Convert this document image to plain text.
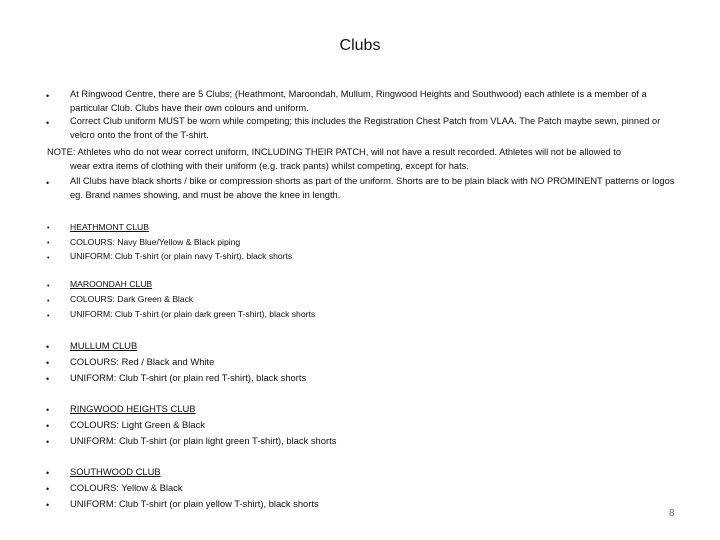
Clubs
• At Ringwood Centre, there are 5 Clubs; (Heathmont, Maroondah, Mullum, Ringwood Heights and Southwood) each athlete is a member of a particular Club. Clubs have their own colours and uniform.
• Correct Club uniform MUST be worn while competing; this includes the Registration Chest Patch from VLAA. The Patch maybe sewn, pinned or velcro onto the front of the T-shirt.
NOTE: Athletes who do not wear correct uniform, INCLUDING THEIR PATCH, will not have a result recorded. Athletes will not be allowed to
wear extra items of clothing with their uniform (e.g. track pants) whilst competing, except for hats.
• All Clubs have black shorts / bike or compression shorts as part of the uniform. Shorts are to be plain black with NO PROMINENT patterns or logos eg. Brand names showing, and must be above the knee in length.
•
•
•
HEATHMONT CLUB
COLOURS: Navy Blue/Yellow & Black piping
UNIFORM: Club T-shirt (or plain navy T-shirt), black shorts
•
•
•
MAROONDAH CLUB
COLOURS: Dark Green & Black
UNIFORM: Club T-shirt (or plain dark green T-shirt), black shorts
•
•
•
MULLUM CLUB
COLOURS: Red / Black and White
UNIFORM: Club T-shirt (or plain red T-shirt), black shorts
•
•
•
RINGWOOD HEIGHTS CLUB
COLOURS: Light Green & Black
UNIFORM: Club T-shirt (or plain light green T-shirt), black shorts
•
•
•
SOUTHWOOD CLUB
COLOURS: Yellow & Black
UNIFORM: Club T-shirt (or plain yellow T-shirt), black shorts
8
